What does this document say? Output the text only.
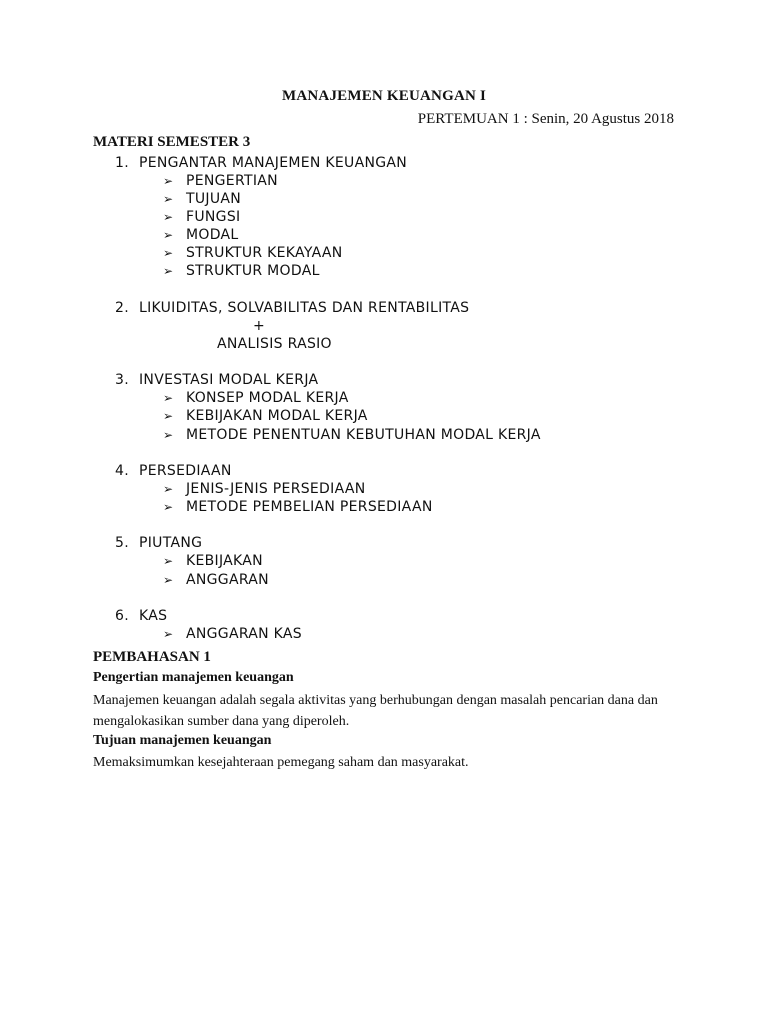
MANAJEMEN KEUANGAN I
PERTEMUAN 1 : Senin, 20 Agustus 2018
MATERI SEMESTER 3
1. PENGANTAR MANAJEMEN KEUANGAN
➢ PENGERTIAN
➢ TUJUAN
➢ FUNGSI
➢ MODAL
➢ STRUKTUR KEKAYAAN
➢ STRUKTUR MODAL
2. LIKUIDITAS, SOLVABILITAS DAN RENTABILITAS
+
ANALISIS RASIO
3. INVESTASI MODAL KERJA
➢ KONSEP MODAL KERJA
➢ KEBIJAKAN MODAL KERJA
➢ METODE PENENTUAN KEBUTUHAN MODAL KERJA
4. PERSEDIAAN
➢ JENIS-JENIS PERSEDIAAN
➢ METODE PEMBELIAN PERSEDIAAN
5. PIUTANG
➢ KEBIJAKAN
➢ ANGGARAN
6. KAS
➢ ANGGARAN KAS
PEMBAHASAN 1
Pengertian manajemen keuangan
Manajemen keuangan adalah segala aktivitas yang berhubungan dengan masalah pencarian dana dan mengalokasikan sumber dana yang diperoleh.
Tujuan manajemen keuangan
Memaksimumkan kesejahteraan pemegang saham dan masyarakat.
